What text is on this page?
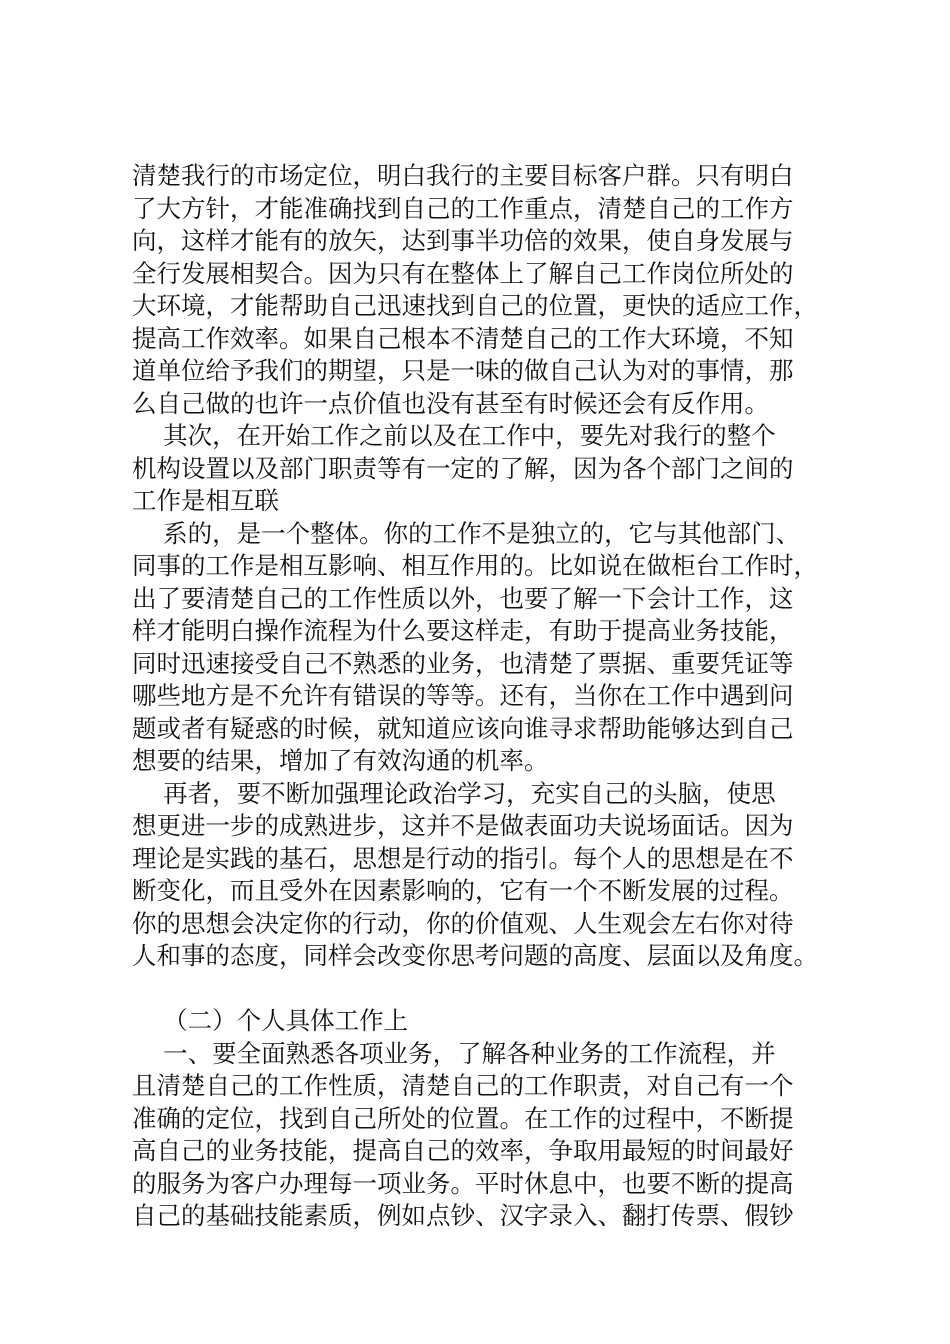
清楚我行的市场定位，明白我行的主要目标客户群。只有明白
了大方针，才能准确找到自己的工作重点，清楚自己的工作方
向，这样才能有的放矢，达到事半功倍的效果，使自身发展与
全行发展相契合。因为只有在整体上了解自己工作岗位所处的
大环境，才能帮助自己迅速找到自己的位置，更快的适应工作，
提高工作效率。如果自己根本不清楚自己的工作大环境，不知
道单位给予我们的期望，只是一味的做自己认为对的事情，那
么自己做的也许一点价值也没有甚至有时候还会有反作用。
其次，在开始工作之前以及在工作中，要先对我行的整个
机构设置以及部门职责等有一定的了解，因为各个部门之间的
工作是相互联
系的，是一个整体。你的工作不是独立的，它与其他部门、
同事的工作是相互影响、相互作用的。比如说在做柜台工作时，
出了要清楚自己的工作性质以外，也要了解一下会计工作，这
样才能明白操作流程为什么要这样走，有助于提高业务技能，
同时迅速接受自己不熟悉的业务，也清楚了票据、重要凭证等
哪些地方是不允许有错误的等等。还有，当你在工作中遇到问
题或者有疑惑的时候，就知道应该向谁寻求帮助能够达到自己
想要的结果，增加了有效沟通的机率。
再者，要不断加强理论政治学习，充实自己的头脑，使思
想更进一步的成熟进步，这并不是做表面功夫说场面话。因为
理论是实践的基石，思想是行动的指引。每个人的思想是在不
断变化，而且受外在因素影响的，它有一个不断发展的过程。
你的思想会决定你的行动，你的价值观、人生观会左右你对待
人和事的态度，同样会改变你思考问题的高度、层面以及角度。
（二）个人具体工作上
一、要全面熟悉各项业务，了解各种业务的工作流程，并
且清楚自己的工作性质，清楚自己的工作职责，对自己有一个
准确的定位，找到自己所处的位置。在工作的过程中，不断提
高自己的业务技能，提高自己的效率，争取用最短的时间最好
的服务为客户办理每一项业务。平时休息中，也要不断的提高
自己的基础技能素质，例如点钞、汉字录入、翻打传票、假钞
